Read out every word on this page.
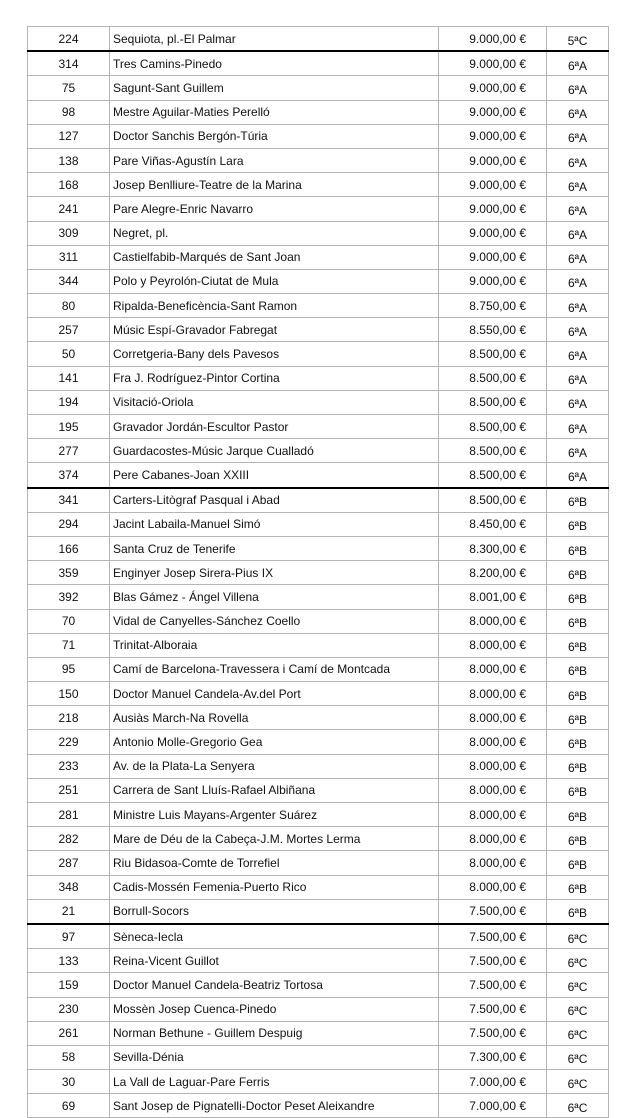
224	Sequiota, pl.-El Palmar	9.000,00 €	5ªC
314	Tres Camins-Pinedo	9.000,00 €	6ªA
75	Sagunt-Sant Guillem	9.000,00 €	6ªA
98	Mestre Aguilar-Maties Perelló	9.000,00 €	6ªA
127	Doctor Sanchis Bergón-Túria	9.000,00 €	6ªA
138	Pare Viñas-Agustín Lara	9.000,00 €	6ªA
168	Josep Benlliure-Teatre de la Marina	9.000,00 €	6ªA
241	Pare Alegre-Enric Navarro	9.000,00 €	6ªA
309	Negret, pl.	9.000,00 €	6ªA
311	Castielfabib-Marqués de Sant Joan	9.000,00 €	6ªA
344	Polo y Peyrolón-Ciutat de Mula	9.000,00 €	6ªA
80	Ripalda-Beneficència-Sant Ramon	8.750,00 €	6ªA
257	Músic Espí-Gravador Fabregat	8.550,00 €	6ªA
50	Corretgeria-Bany dels Pavesos	8.500,00 €	6ªA
141	Fra J. Rodríguez-Pintor Cortina	8.500,00 €	6ªA
194	Visitació-Oriola	8.500,00 €	6ªA
195	Gravador Jordán-Escultor Pastor	8.500,00 €	6ªA
277	Guardacostes-Músic Jarque Cualladó	8.500,00 €	6ªA
374	Pere Cabanes-Joan XXIII	8.500,00 €	6ªA
341	Carters-Litògraf Pasqual i Abad	8.500,00 €	6ªB
294	Jacint Labaila-Manuel Simó	8.450,00 €	6ªB
166	Santa Cruz de Tenerife	8.300,00 €	6ªB
359	Enginyer Josep Sirera-Pius IX	8.200,00 €	6ªB
392	Blas Gámez - Ángel Villena	8.001,00 €	6ªB
70	Vidal de Canyelles-Sánchez Coello	8.000,00 €	6ªB
71	Trinitat-Alboraia	8.000,00 €	6ªB
95	Camí de Barcelona-Travessera i Camí de Montcada	8.000,00 €	6ªB
150	Doctor Manuel Candela-Av.del Port	8.000,00 €	6ªB
218	Ausiàs March-Na Rovella	8.000,00 €	6ªB
229	Antonio Molle-Gregorio Gea	8.000,00 €	6ªB
233	Av. de la Plata-La Senyera	8.000,00 €	6ªB
251	Carrera de Sant Lluís-Rafael Albiñana	8.000,00 €	6ªB
281	Ministre Luis Mayans-Argenter Suárez	8.000,00 €	6ªB
282	Mare de Déu de la Cabeça-J.M. Mortes Lerma	8.000,00 €	6ªB
287	Riu Bidasoa-Comte de Torrefiel	8.000,00 €	6ªB
348	Cadis-Mossén Femenia-Puerto Rico	8.000,00 €	6ªB
21	Borrull-Socors	7.500,00 €	6ªB
97	Sèneca-Iecla	7.500,00 €	6ªC
133	Reina-Vicent Guillot	7.500,00 €	6ªC
159	Doctor Manuel Candela-Beatriz Tortosa	7.500,00 €	6ªC
230	Mossèn Josep Cuenca-Pinedo	7.500,00 €	6ªC
261	Norman Bethune - Guillem Despuig	7.500,00 €	6ªC
58	Sevilla-Dénia	7.300,00 €	6ªC
30	La Vall de Laguar-Pare Ferris	7.000,00 €	6ªC
69	Sant Josep de Pignatelli-Doctor Peset Aleixandre	7.000,00 €	6ªC
